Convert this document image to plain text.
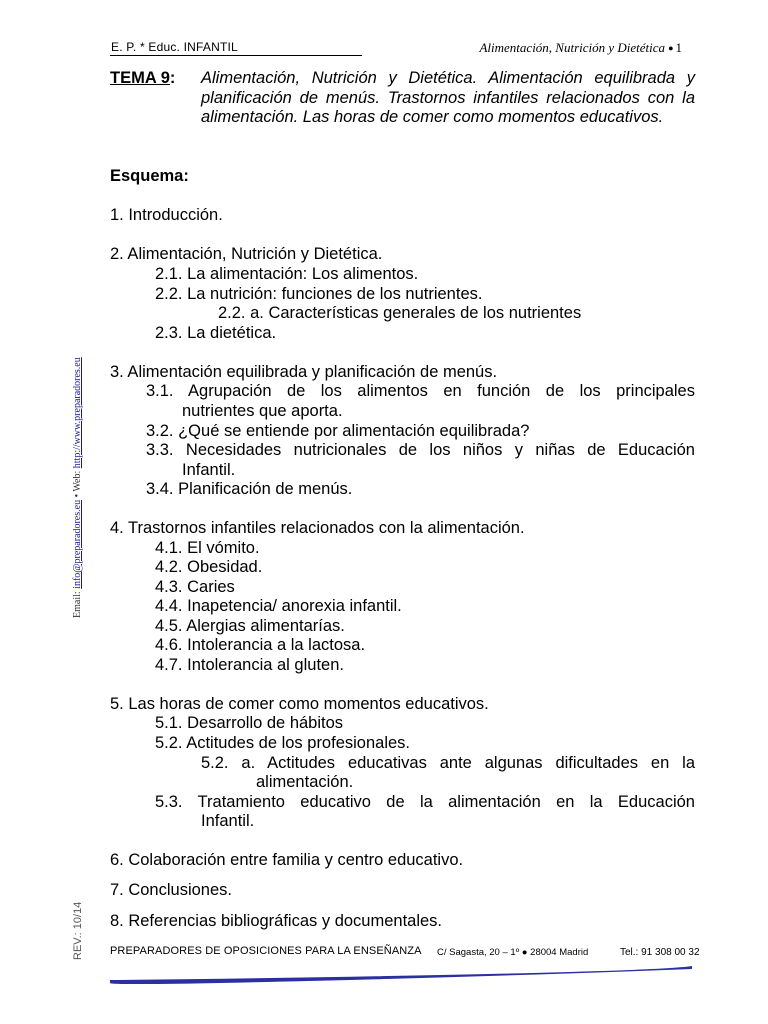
E. P. * Educ. INFANTIL	Alimentación, Nutrición y Dietética ● 1
TEMA 9: Alimentación, Nutrición y Dietética. Alimentación equilibrada y planificación de menús. Trastornos infantiles relacionados con la alimentación. Las horas de comer como momentos educativos.
Esquema:
1. Introducción.
2. Alimentación, Nutrición y Dietética.
2.1. La alimentación: Los alimentos.
2.2. La nutrición: funciones de los nutrientes.
2.2. a. Características generales de los nutrientes
2.3. La dietética.
3. Alimentación equilibrada y planificación de menús.
3.1. Agrupación de los alimentos en función de los principales
nutrientes que aporta.
3.2. ¿Qué se entiende por alimentación equilibrada?
3.3. Necesidades nutricionales de los niños y niñas de Educación
Infantil.
3.4. Planificación de menús.
4. Trastornos infantiles relacionados con la alimentación.
4.1. El vómito.
4.2. Obesidad.
4.3. Caries
4.4. Inapetencia/ anorexia infantil.
4.5. Alergias alimentarías.
4.6. Intolerancia a la lactosa.
4.7. Intolerancia al gluten.
5. Las horas de comer como momentos educativos.
5.1. Desarrollo de hábitos
5.2. Actitudes de los profesionales.
5.2. a. Actitudes educativas ante algunas dificultades en la
alimentación.
5.3. Tratamiento educativo de la alimentación en la Educación
Infantil.
6. Colaboración entre familia y centro educativo.
7. Conclusiones.
8. Referencias bibliográficas y documentales.
Email: info@preparadores.eu • Web: http://www.preparadores.eu
REV.: 10/14 PREPARADORES DE OPOSICIONES PARA LA ENSEÑANZA C/ Sagasta, 20 – 1º ● 28004 Madrid	Tel.: 91 308 00 32
